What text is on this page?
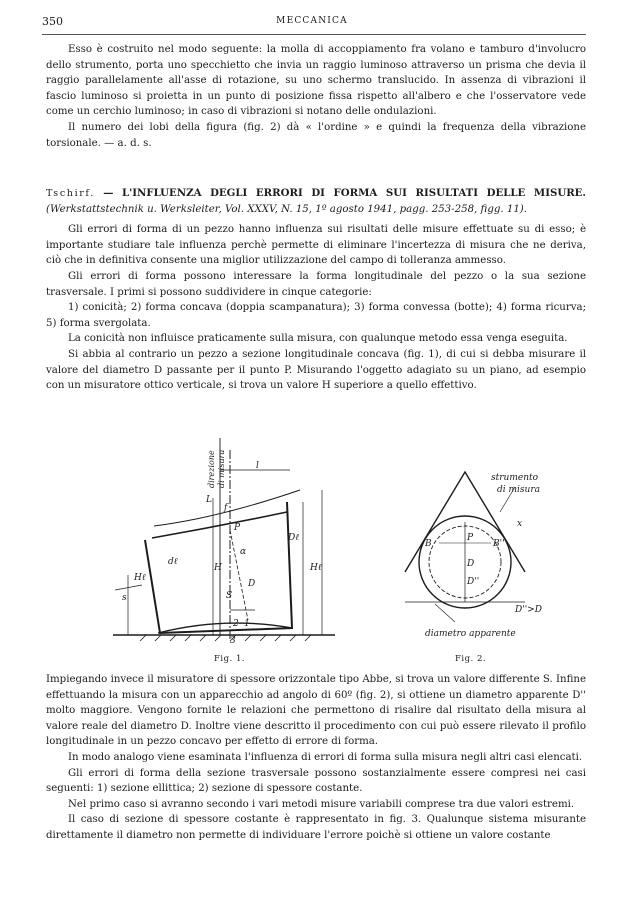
350	MECCANICA

Esso è costruito nel modo seguente: la molla di accoppiamento fra volano e tamburo d'involucro dello strumento, porta uno specchietto che invia un raggio luminoso attraverso un prisma che devia il raggio parallelamente all'asse di rotazione, su uno schermo translucido. In assenza di vibrazioni il fascio luminoso si proietta in un punto di posizione fissa rispetto all'albero e che l'osservatore vede come un cerchio luminoso; in caso di vibrazioni si notano delle ondulazioni.

Il numero dei lobi della figura (fig. 2) dà « l'ordine » e quindi la frequenza della vibrazione torsionale. — a. d. s.

Tschirf. — L'INFLUENZA DEGLI ERRORI DI FORMA SUI RISULTATI DELLE MISURE. (Werkstattstechnik u. Werksleiter, Vol. XXXV, N. 15, 1º agosto 1941, pagg. 253-258, figg. 11).

Gli errori di forma di un pezzo hanno influenza sui risultati delle misure effettuate su di esso; è importante studiare tale influenza perchè permette di eliminare l'incertezza di misura che ne deriva, ciò che in definitiva consente una miglior utilizzazione del campo di tolleranza ammesso.

Gli errori di forma possono interessare la forma longitudinale del pezzo o la sua sezione trasversale. I primi si possono suddividere in cinque categorie:

1) conicità; 2) forma concava (doppia scampanatura); 3) forma convessa (botte); 4) forma ricurva; 5) forma svergolata.

La conicità non influisce praticamente sulla misura, con qualunque metodo essa venga eseguita.

Si abbia al contrario un pezzo a sezione longitudinale concava (fig. 1), di cui si debba misurare il valore del diametro D passante per il punto P. Misurando l'oggetto adagiato su un piano, ad esempio con un misuratore ottico verticale, si trova un valore H superiore a quello effettivo.

direzione di misura	l
L
P
α
H
S
D
dℓ
Dℓ
Hℓ
Hℓ
s
2 1
3
f
Fig. 1.
strumento
di misura
P
B	B''
D
D''
D''>D
x
diametro apparente
Fig. 2.

Impiegando invece il misuratore di spessore orizzontale tipo Abbe, si trova un valore differente S. Infine effettuando la misura con un apparecchio ad angolo di 60º (fig. 2), si ottiene un diametro apparente D'' molto maggiore. Vengono fornite le relazioni che permettono di risalire dal risultato della misura al valore reale del diametro D. Inoltre viene descritto il procedimento con cui può essere rilevato il profilo longitudinale in un pezzo concavo per effetto di errore di forma.

In modo analogo viene esaminata l'influenza di errori di forma sulla misura negli altri casi elencati.

Gli errori di forma della sezione trasversale possono sostanzialmente essere compresi nei casi seguenti: 1) sezione ellittica; 2) sezione di spessore costante.

Nel primo caso si avranno secondo i vari metodi misure variabili comprese tra due valori estremi.

Il caso di sezione di spessore costante è rappresentato in fig. 3. Qualunque sistema misurante direttamente il diametro non permette di individuare l'errore poichè si ottiene un valore costante
